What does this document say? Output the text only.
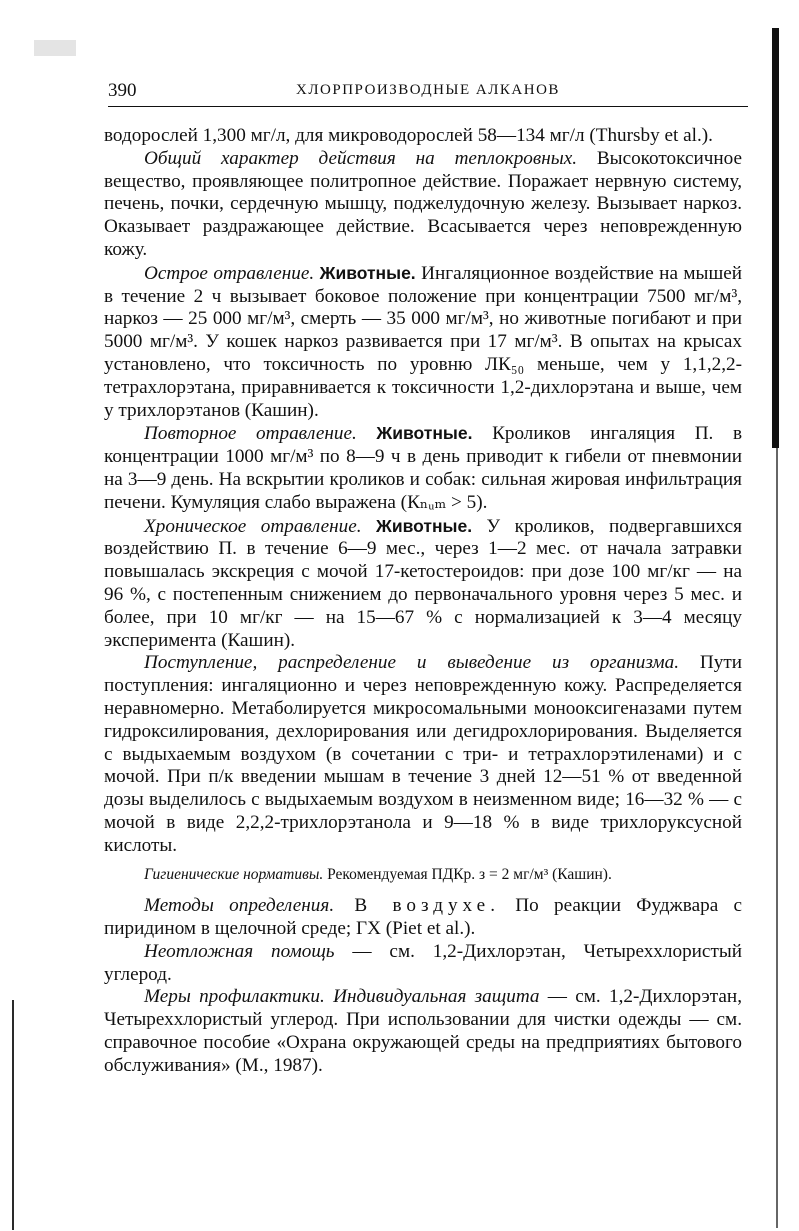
390	ХЛОРПРОИЗВОДНЫЕ АЛКАНОВ

водорослей 1,300 мг/л, для микроводорослей 58—134 мг/л (Thursby et al.).

Общий характер действия на теплокровных. Высокотоксичное вещество, проявляющее политропное действие. Поражает нервную систему, печень, почки, сердечную мышцу, поджелудочную железу. Вызывает наркоз. Оказывает раздражающее действие. Всасывается через неповрежденную кожу.

Острое отравление. Животные. Ингаляционное воздействие на мышей в течение 2 ч вызывает боковое положение при концентрации 7500 мг/м³, наркоз — 25 000 мг/м³, смерть — 35 000 мг/м³, но животные погибают и при 5000 мг/м³. У кошек наркоз развивается при 17 мг/м³. В опытах на крысах установлено, что токсичность по уровню ЛК₅₀ меньше, чем у 1,1,2,2-тетрахлорэтана, приравнивается к токсичности 1,2-дихлорэтана и выше, чем у трихлорэтанов (Кашин).

Повторное отравление. Животные. Кроликов ингаляция П. в концентрации 1000 мг/м³ по 8—9 ч в день приводит к гибели от пневмонии на 3—9 день. На вскрытии кроликов и собак: сильная жировая инфильтрация печени. Кумуляция слабо выражена (Кₙᵤₘ > 5).

Хроническое отравление. Животные. У кроликов, подвергавшихся воздействию П. в течение 6—9 мес., через 1—2 мес. от начала затравки повышалась экскреция с мочой 17-кетостероидов: при дозе 100 мг/кг — на 96 %, с постепенным снижением до первоначального уровня через 5 мес. и более, при 10 мг/кг — на 15—67 % с нормализацией к 3—4 месяцу эксперимента (Кашин).

Поступление, распределение и выведение из организма. Пути поступления: ингаляционно и через неповрежденную кожу. Распределяется неравномерно. Метаболируется микросомальными монооксигеназами путем гидроксилирования, дехлорирования или дегидрохлорирования. Выделяется с выдыхаемым воздухом (в сочетании с три- и тетрахлорэтиленами) и с мочой. При п/к введении мышам в течение 3 дней 12—51 % от введенной дозы выделилось с выдыхаемым воздухом в неизменном виде; 16—32 % — с мочой в виде 2,2,2-трихлорэтанола и 9—18 % в виде трихлоруксусной кислоты.

Гигиенические нормативы. Рекомендуемая ПДКр. з = 2 мг/м³ (Кашин).

Методы определения. В воздухе. По реакции Фуджвара с пиридином в щелочной среде; ГХ (Piet et al.).

Неотложная помощь — см. 1,2-Дихлорэтан, Четыреххлористый углерод.

Меры профилактики. Индивидуальная защита — см. 1,2-Дихлорэтан, Четыреххлористый углерод. При использовании для чистки одежды — см. справочное пособие «Охрана окружающей среды на предприятиях бытового обслуживания» (М., 1987).
